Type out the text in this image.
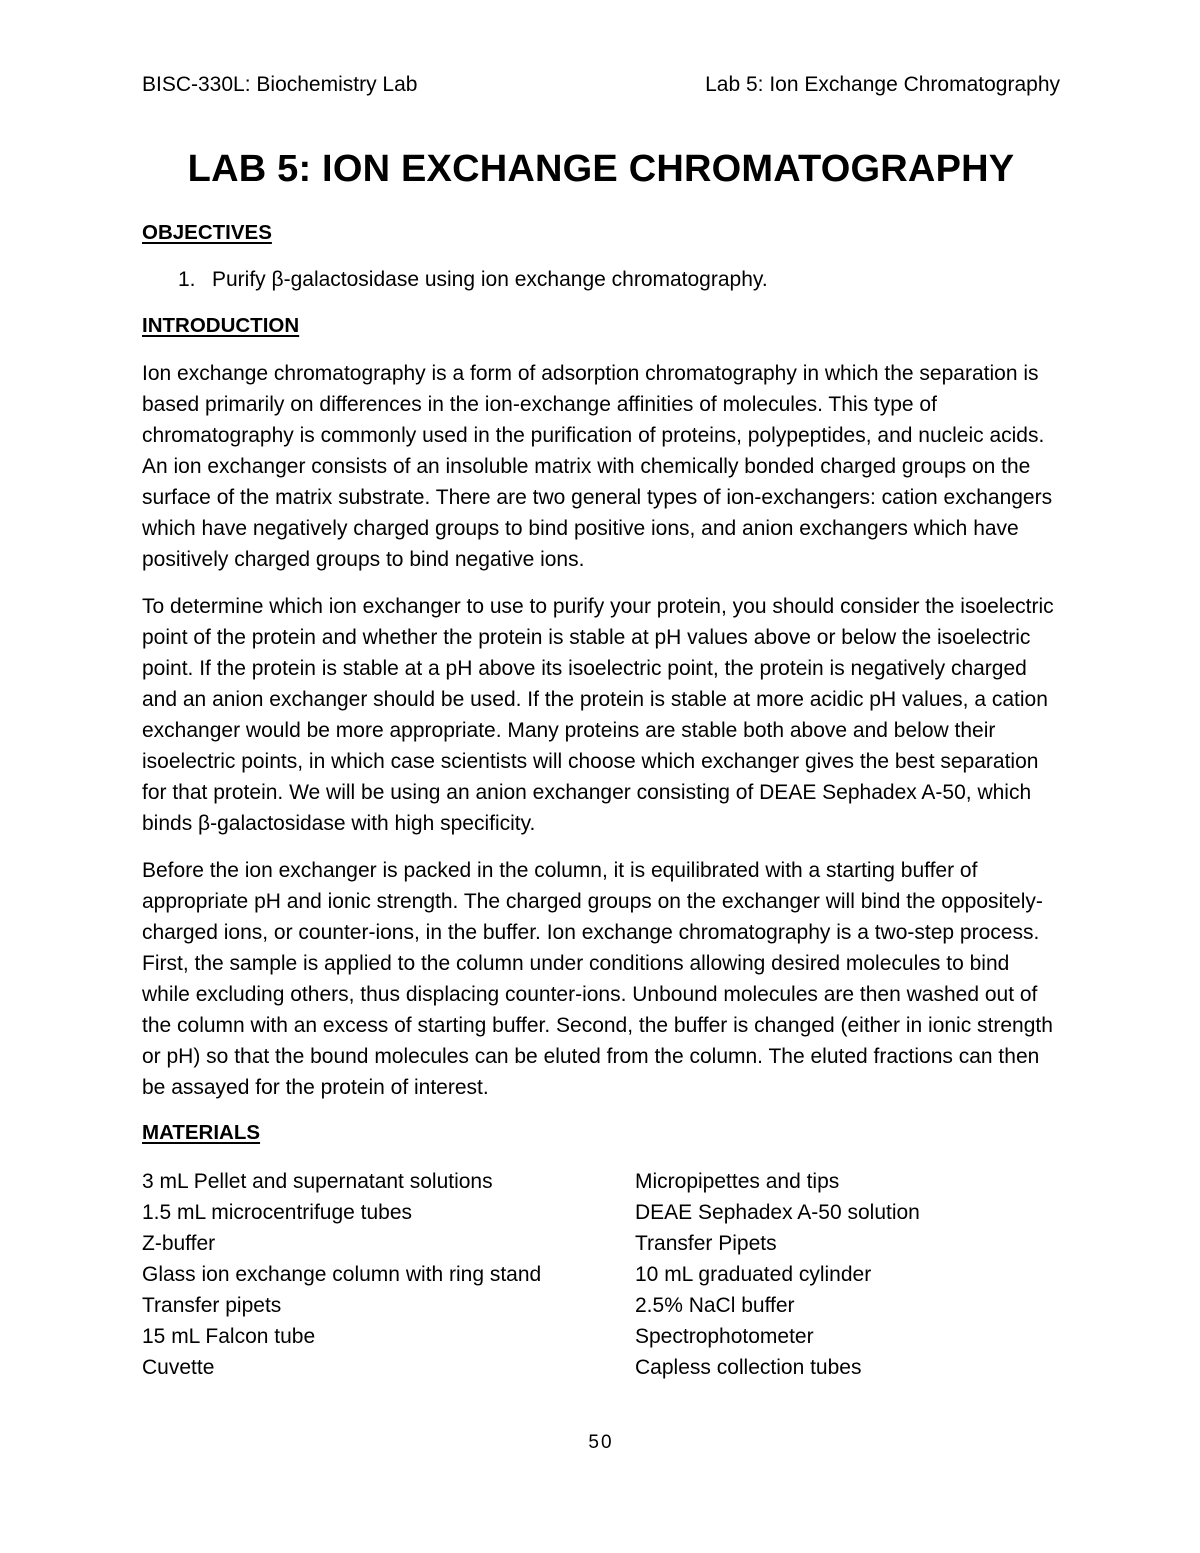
BISC-330L: Biochemistry Lab	Lab 5: Ion Exchange Chromatography
LAB 5: ION EXCHANGE CHROMATOGRAPHY
OBJECTIVES
1. Purify β-galactosidase using ion exchange chromatography.
INTRODUCTION

Ion exchange chromatography is a form of adsorption chromatography in which the separation is based primarily on differences in the ion-exchange affinities of molecules. This type of chromatography is commonly used in the purification of proteins, polypeptides, and nucleic acids. An ion exchanger consists of an insoluble matrix with chemically bonded charged groups on the surface of the matrix substrate. There are two general types of ion-exchangers: cation exchangers which have negatively charged groups to bind positive ions, and anion exchangers which have positively charged groups to bind negative ions.

To determine which ion exchanger to use to purify your protein, you should consider the isoelectric point of the protein and whether the protein is stable at pH values above or below the isoelectric point. If the protein is stable at a pH above its isoelectric point, the protein is negatively charged and an anion exchanger should be used. If the protein is stable at more acidic pH values, a cation exchanger would be more appropriate. Many proteins are stable both above and below their isoelectric points, in which case scientists will choose which exchanger gives the best separation for that protein. We will be using an anion exchanger consisting of DEAE Sephadex A-50, which binds β-galactosidase with high specificity.

Before the ion exchanger is packed in the column, it is equilibrated with a starting buffer of appropriate pH and ionic strength. The charged groups on the exchanger will bind the oppositely-charged ions, or counter-ions, in the buffer. Ion exchange chromatography is a two-step process. First, the sample is applied to the column under conditions allowing desired molecules to bind while excluding others, thus displacing counter-ions. Unbound molecules are then washed out of the column with an excess of starting buffer. Second, the buffer is changed (either in ionic strength or pH) so that the bound molecules can be eluted from the column. The eluted fractions can then be assayed for the protein of interest.

MATERIALS
3 mL Pellet and supernatant solutions
1.5 mL microcentrifuge tubes
Z-buffer
Glass ion exchange column with ring stand
Transfer pipets
15 mL Falcon tube
Cuvette
Micropipettes and tips
DEAE Sephadex A-50 solution
Transfer Pipets
10 mL graduated cylinder
2.5% NaCl buffer
Spectrophotometer
Capless collection tubes
50
